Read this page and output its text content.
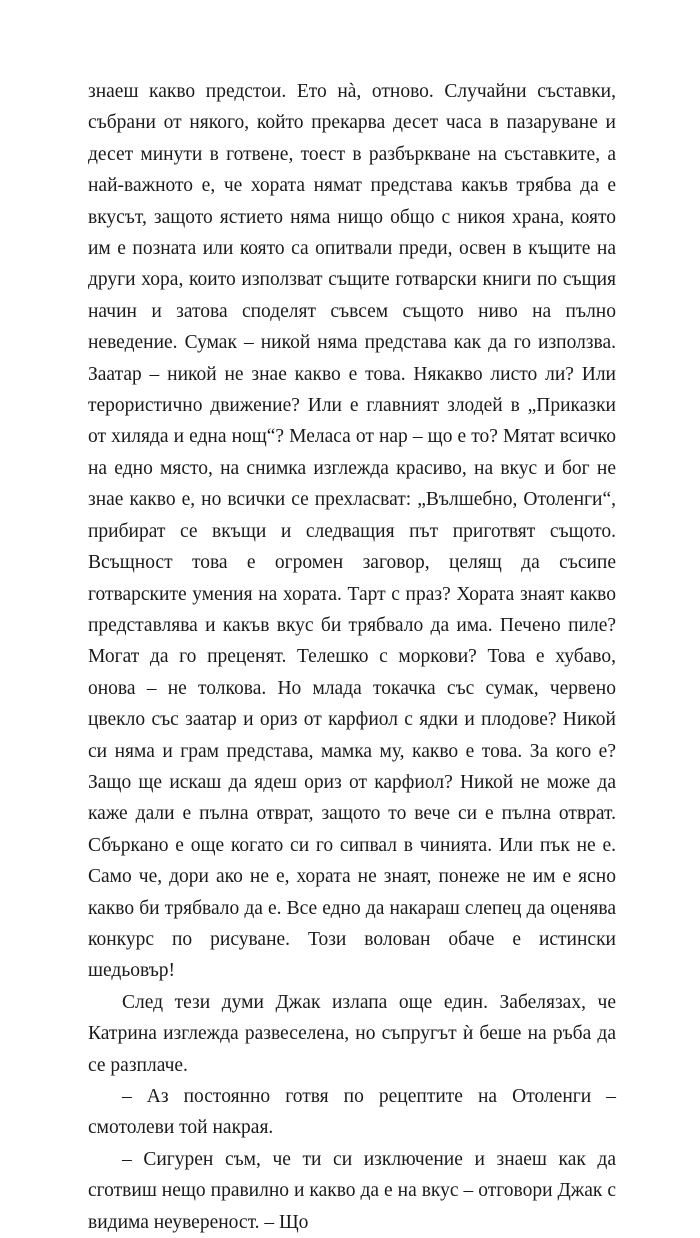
знаеш какво предстои. Ето нà, отново. Случайни съставки, събрани от някого, който прекарва десет часа в пазаруване и десет минути в готвене, тоест в разбъркване на съставките, а най-важното е, че хората нямат представа какъв трябва да е вкусът, защото ястието няма нищо общо с никоя храна, която им е позната или която са опитвали преди, освен в къщите на други хора, които използват същите готварски книги по същия начин и затова споделят съвсем същото ниво на пълно неведение. Сумак – никой няма представа как да го използва. Заатар – никой не знае какво е това. Някакво листо ли? Или терористично движение? Или е главният злодей в „Приказки от хиляда и една нощ“? Меласа от нар – що е то? Мятат всичко на едно място, на снимка изглежда красиво, на вкус и бог не знае какво е, но всички се прехласват: „Вълшебно, Отоленги“, прибират се вкъщи и следващия път приготвят същото. Всъщност това е огромен заговор, целящ да съсипе готварските умения на хората. Тарт с праз? Хората знаят какво представлява и какъв вкус би трябвало да има. Печено пиле? Могат да го преценят. Телешко с моркови? Това е хубаво, онова – не толкова. Но млада токачка със сумак, червено цвекло със заатар и ориз от карфиол с ядки и плодове? Никой си няма и грам представа, мамка му, какво е това. За кого е? Защо ще искаш да ядеш ориз от карфиол? Никой не може да каже дали е пълна отврат, защото то вече си е пълна отврат. Сбъркано е още когато си го сипвал в чинията. Или пък не е. Само че, дори ако не е, хората не знаят, понеже не им е ясно какво би трябвало да е. Все едно да накараш слепец да оценява конкурс по рисуване. Този волован обаче е истински шедьовър!

След тези думи Джак излапа още един. Забелязах, че Катрина изглежда развеселена, но съпругът ѝ беше на ръба да се разплаче.

– Аз постоянно готвя по рецептите на Отоленги – смотолеви той накрая.

– Сигурен съм, че ти си изключение и знаеш как да сготвиш нещо правилно и какво да е на вкус – отговори Джак с видима неувереност. – Що
